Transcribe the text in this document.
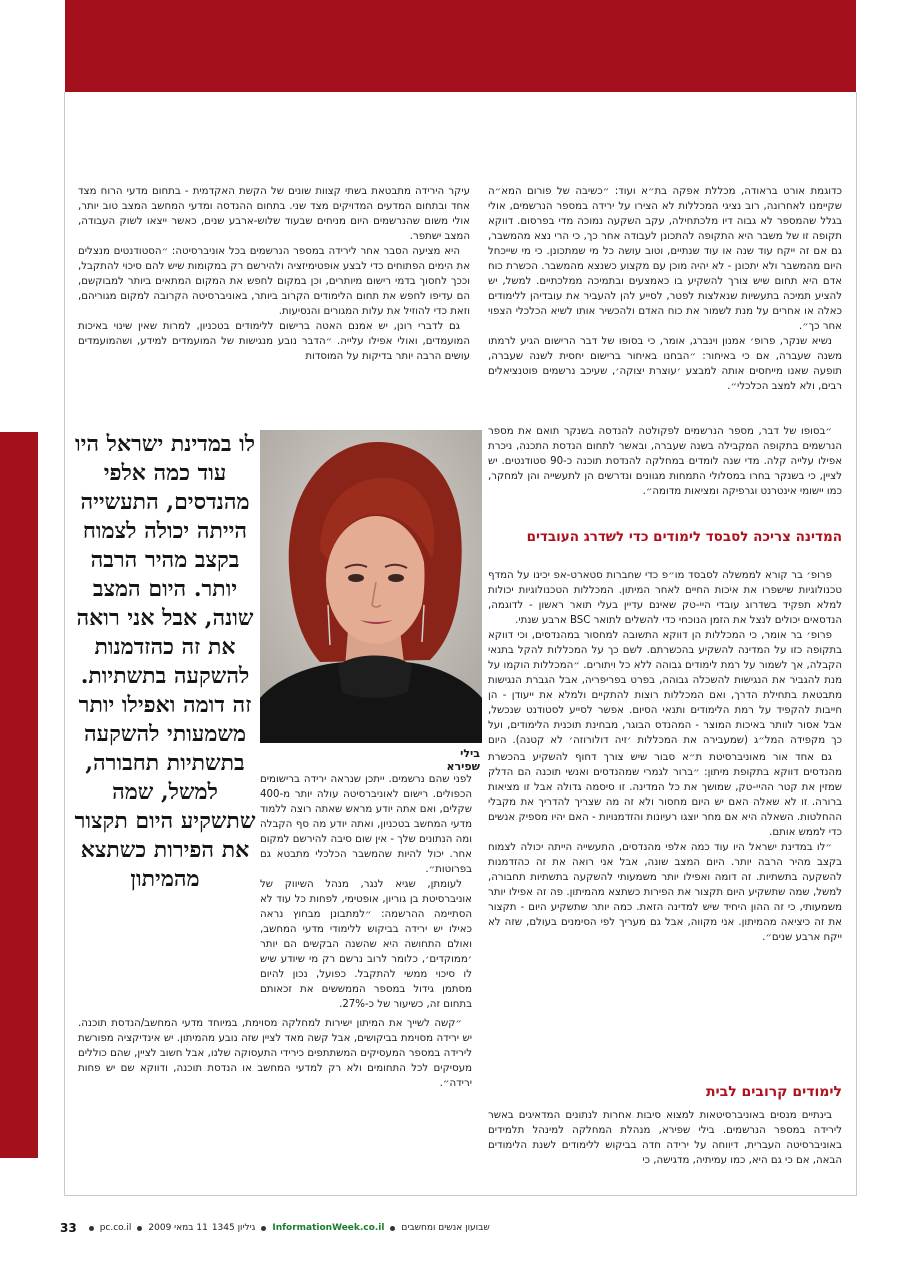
כדוגמת אורט בראודה, מכללת אפקה בת״א ועוד: ״כשיבה של פורום המא״ה שקיימנו לאחרונה, רוב נציגי המכללות לא הצירו על ירידה במספר הנרשמים, אולי בגלל שהמספר לא גבוה דיו מלכתחילה, עקב השקעה נמוכה מדי בפרסום. דווקא תקופה זו של משבר היא התקופה להתכונן לעבודה אחר כך, כי הרי נצא מהמשבר, גם אם זה ייקח עוד שנה או עוד שנתיים, וטוב עושה כל מי שמתכונן. כי מי שייכחל היום מהמשבר ולא יתכונן - לא יהיה מוכן עם מקצוע כשנצא מהמשבר. הכשרת כוח אדם היא תחום שיש צורך להשקיע בו כאמצעים ובתמיכה ממלכתיים. למשל, יש להציע תמיכה בתעשיות שנאלצות לפטר, לסייע להן להעביר את עובדיהן ללימודים כאלה או אחרים על מנת לשמור את כוח האדם ולהכשיר אותו לשיא הכלכלי הצפוי אחר כך״.

נשיא שנקר, פרופ׳ אמנון וינברג, אומר, כי בסופו של דבר הרישום הגיע לרמתו משנה שעברה, אם כי באיחור: ״הבחנו באיחור ברישום יחסית לשנה שעברה, תופעה שאנו מייחסים אותה למבצע ׳עוצרת יצוקה׳, שעיכב נרשמים פוטנציאלים רבים, ולא למצב הכלכלי״.

״בסופו של דבר, מספר הנרשמים לפקולטה להנדסה בשנקר תואם את מספר הנרשמים בתקופה המקבילה בשנה שעברה, ובאשר לתחום הנדסת התכנה, ניכרת אפילו עלייה קלה. מדי שנה לומדים במחלקה להנדסת תוכנה כ-90 סטודנטים. יש לציין, כי בשנקר בחרו במסלולי התמחות מגוונים ונדרשים הן לתעשייה והן למחקר, כמו יישומי אינטרנט וגרפיקה ומציאות מדומה״.

המדינה צריכה לסבסד לימודים כדי לשדרג העובדים

פרופ׳ בר קורא לממשלה לסבסד מו״פ כדי שחברות סטארט-אפ יכינו על המדף טכנולוגיות שישפרו את איכות החיים לאחר המיתון. המכללות הטכנולוגיות יכולות למלא תפקיד בשדרוג עובדי היי-טק שאינם עדיין בעלי תואר ראשון - לדוגמה, הנדסאים יכולים לנצל את הזמן הנוכחי כדי להשלים לתואר BSC ארבע שנתי.

פרופ׳ בר אומר, כי המכללות הן דווקא התשובה למחסור במהנדסים, וכי דווקא בתקופה כזו על המדינה להשקיע בהכשרתם. לשם כך על המכללות להקל בתנאי הקבלה, אך לשמור על רמת לימודים גבוהה ללא כל ויתורים. ״המכללות הוקמו על מנת להגביר את הנגישות להשכלה גבוהה, בפרט בפריפריה, אבל הגברת הנגישות מתבטאת בתחילת הדרך, ואם המכללות רוצות להתקיים ולמלא את ייעודן - הן חייבות להקפיד על רמת הלימודים ותנאי הסיום. אפשר לסייע לסטודנט שנכשל, אבל אסור לוותר באיכות המוצר - המהנדס הבוגר, מבחינת תוכנית הלימודים, ועל כך מקפידה המל״ג (שמעבירה את המכללות ׳זיה דולורוזה׳ לא קטנה). היום

גם אחד אור מאוניברסיטת ת״א סבור שיש צורך דחוף להשקיע בהכשרת מהנדסים דווקא בתקופת מיתון: ״ברור לגמרי שמהנדסים ואנשי תוכנה הם הדלק שמזין את קטר ההיי-טק, שמושך את כל המדינה. זו סיסמה גדולה אבל זו מציאות ברורה. זו לא שאלה האם יש היום מחסור ולא זה מה שצריך להדריך את מקבלי ההחלטות. השאלה היא אם מחר יוצגו רעיונות והזדמנויות - האם יהיו מספיק אנשים כדי לממש אותם.

״לו במדינת ישראל היו עוד כמה אלפי מהנדסים, התעשייה הייתה יכולה לצמוח בקצב מהיר הרבה יותר. היום המצב שונה, אבל אני רואה את זה כהזדמנות להשקעה בתשתיות. זה דומה ואפילו יותר משמעותי להשקעה בתשתיות תחבורה, למשל, שמה שתשקיע היום תקצור את הפירות כשתצא מהמיתון. פה זה אפילו יותר משמעותי, כי זה ההון היחיד שיש למדינה הזאת. כמה יותר שתשקיע היום - תקצור את זה כיציאה מהמיתון. אני מקווה, אבל גם מעריך לפי הסימנים בעולם, שזה לא ייקח ארבע שנים״.

לימודים קרובים לבית

בינתיים מנסים באוניברסיטאות למצוא סיבות אחרות לנתונים המדאיגים באשר לירידה במספר הנרשמים. בילי שפירא, מנהלת המחלקה למינהל תלמידים באוניברסיטה העברית, דיווחה על ירידה חדה בביקוש ללימודים לשנת הלימודים הבאה, אם כי גם היא, כמו עמיתיה, מדגישה, כי

עיקר הירידה מתבטאת בשתי קצוות שונים של הקשת האקדמית - בתחום מדעי הרוח מצד אחד ובתחום המדעים המדויקים מצד שני. בתחום ההנדסה ומדעי המחשב המצב טוב יותר, אולי משום שהנרשמים היום מניחים שבעוד שלוש-ארבע שנים, כאשר ייצאו לשוק העבודה, המצב ישתפר.

היא מציעה הסבר אחר לירידה במספר הנרשמים בכל אוניברסיטה: ״הסטודנטים מנצלים את הימים הפתוחים כדי לבצע אופטימיזציה ולהירשם רק במקומות שיש להם סיכוי להתקבל, וככך לחסוך בדמי רישום מיותרים, וכן במקום לחפש את המקום המתאים ביותר למבוקשם, הם עדיפו לחפש את תחום הלימודים הקרוב ביותר, באוניברסיטה הקרובה למקום מגוריהם, וזאת כדי להוזיל את עלות המגורים והנסיעות.

גם לדברי רונן, יש אמנם האטה ברישום ללימודים בטכניון, למרות שאין שינוי באיכות המועמדים, ואולי אפילו עלייה. ״הדבר נובע מנגישות של המועמדים למידע, ושהמועמדים עושים הרבה יותר בדיקות על המוסדות

לו במדינת ישראל היו עוד כמה אלפי מהנדסים, התעשייה הייתה יכולה לצמוח בקצב מהיר הרבה יותר. היום המצב שונה, אבל אני רואה את זה כהזדמנות להשקעה בתשתיות. זה דומה ואפילו יותר משמעותי להשקעה בתשתיות תחבורה, למשל, שמה שתשקיע היום תקצור את הפירות כשתצא מהמיתון
בילי שפירא

לפני שהם נרשמים. ייתכן שנראה ירידה ברישומים הכפולים. רישום לאוניברסיטה עולה יותר מ-400 שקלים, ואם אתה יודע מראש שאתה רוצה ללמוד מדעי המחשב בטכניון, ואתה יודע מה סף הקבלה ומה הנתונים שלך - אין שום סיבה להירשם למקום אחר. יכול להיות שהמשבר הכלכלי מתבטא גם בפרוטות״.

לעומתן, שגיא לנגר, מנהל השיווק של אוניברסיטת בן גוריון, אופטימי, לפחות כל עוד לא הסתיימה ההרשמה: ״למתבונן מבחוץ נראה כאילו יש ירידה בביקוש ללימודי מדעי המחשב, ואולם התחושה היא שהשנה הבקשים הם יותר ׳ממוקדים׳, כלומר לרוב נרשם רק מי שיודע שיש לו סיכוי ממשי להתקבל. כפועל, נכון להיום מסתמן גידול במספר הממששים את זכאותם בתחום זה, כשיעור של כ-27%.

״קשה לשייך את המיתון ישירות למחלקה מסוימת, במיוחד מדעי המחשב/הנדסת תוכנה. יש ירידה מסוימת בביקושים, אבל קשה מאד לציין שזה נובע מהמיתון. יש אינדיקציה מפורשת לירידה במספר המעסיקים המשתתפים כירידי התעסוקה שלנו, אבל חשוב לציין, שהם כוללים מעסיקים לכל התחומים ולא רק למדעי המחשב או הנדסת תוכנה, ודווקא שם יש פחות ירידה״.

33	pc.co.il 11 במאי 2009 גיליון 1345 InformationWeek.co.il שבועון אנשים ומחשבים
